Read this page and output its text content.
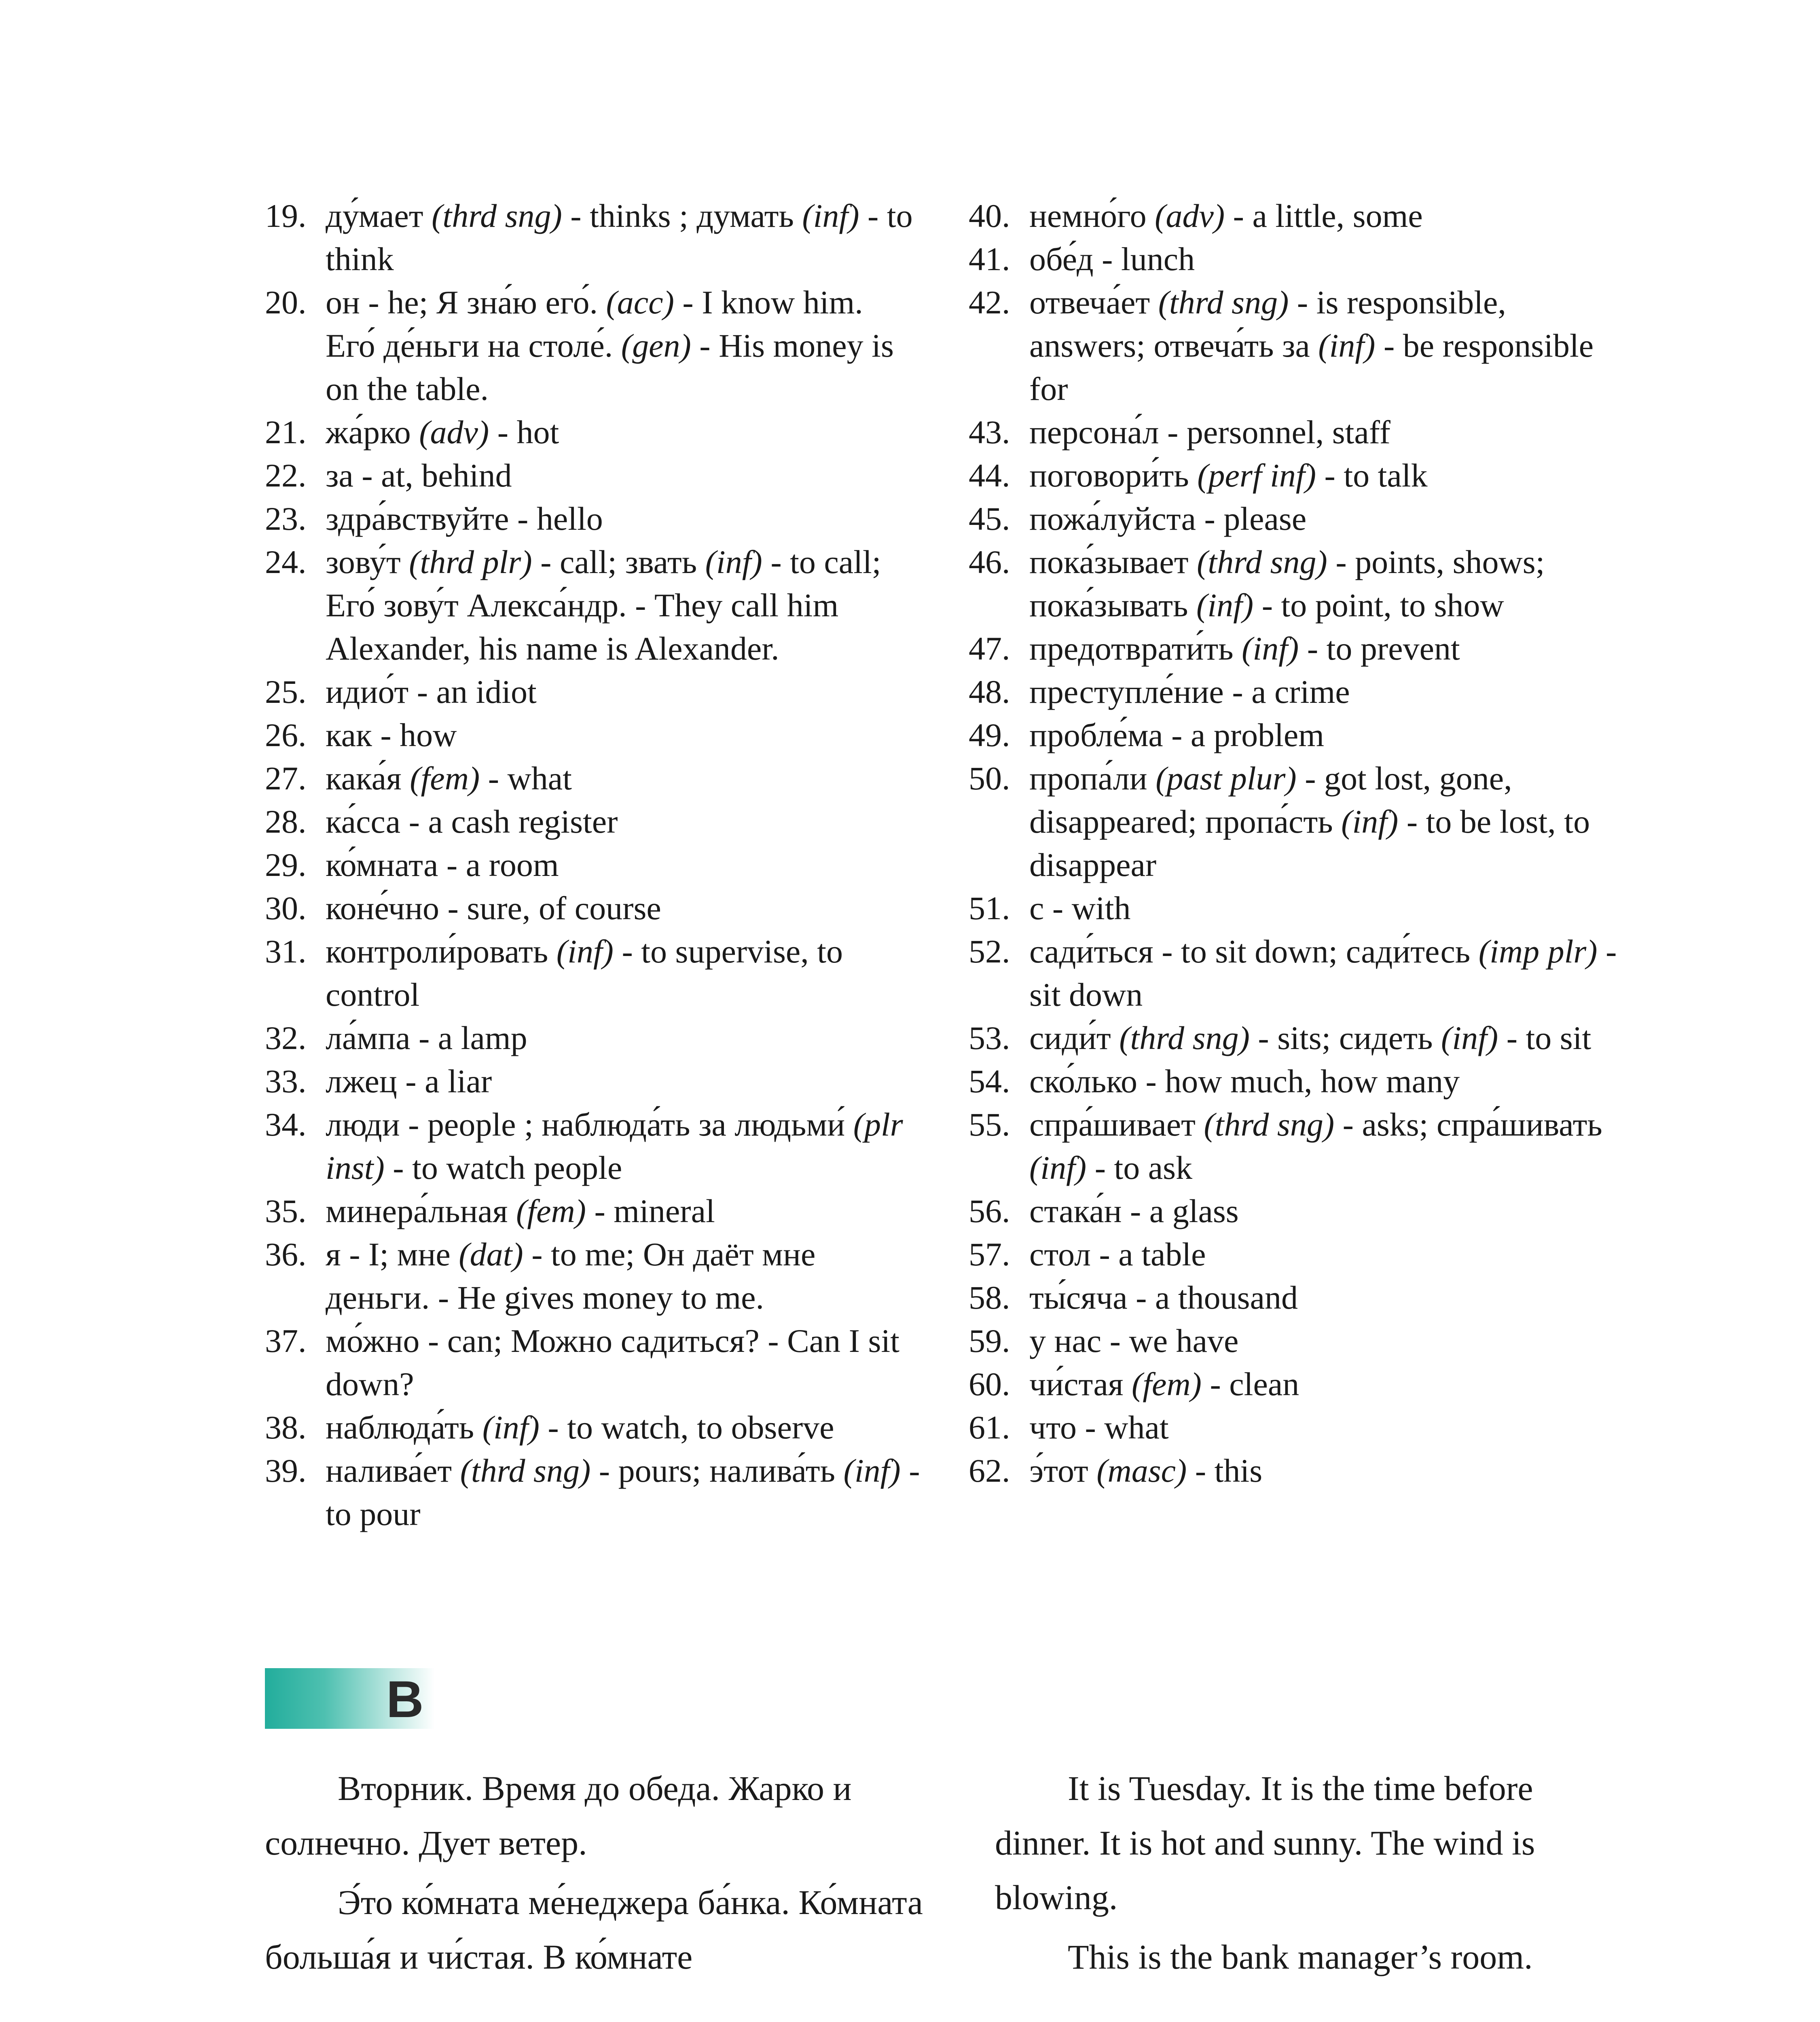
19. ду́мает (thrd sng) - thinks ; думать (inf) - to think
20. он - he; Я зна́ю его́. (acc) - I know him. Его́ де́ньги на столе́. (gen) - His money is on the table.
21. жа́рко (adv) - hot
22. за - at, behind
23. здра́вствуйте - hello
24. зову́т (thrd plr) - call; звать (inf) - to call; Его́ зову́т Алекса́ндр. - They call him Alexander, his name is Alexander.
25. идио́т - an idiot
26. как - how
27. кака́я (fem) - what
28. ка́сса - a cash register
29. ко́мната - a room
30. коне́чно - sure, of course
31. контроли́ровать (inf) - to supervise, to control
32. ла́мпа - a lamp
33. лжец - a liar
34. люди - people ; наблюда́ть за людьми́ (plr inst) - to watch people
35. минера́льная (fem) - mineral
36. я - I; мне (dat) - to me; Он даёт мне деньги. - He gives money to me.
37. мо́жно - can; Можно садиться? - Can I sit down?
38. наблюда́ть (inf) - to watch, to observe
39. налива́ет (thrd sng) - pours; налива́ть (inf) - to pour
40. немно́го (adv) - a little, some
41. обе́д - lunch
42. отвеча́ет (thrd sng) - is responsible, answers; отвеча́ть за (inf) - be responsible for
43. персона́л - personnel, staff
44. поговори́ть (perf inf) - to talk
45. пожа́луйста - please
46. пока́зывает (thrd sng) - points, shows; пока́зывать (inf) - to point, to show
47. предотврати́ть (inf) - to prevent
48. преступле́ние - a crime
49. пробле́ма - a problem
50. пропа́ли (past plur) - got lost, gone, disappeared; пропа́сть (inf) - to be lost, to disappear
51. с - with
52. сади́ться - to sit down; сади́тесь (imp plr) - sit down
53. сиди́т (thrd sng) - sits; сидеть (inf) - to sit
54. ско́лько - how much, how many
55. спра́шивает (thrd sng) - asks; спра́шивать (inf) - to ask
56. стака́н - a glass
57. стол - a table
58. ты́сяча - a thousand
59. у нас - we have
60. чи́стая (fem) - clean
61. что - what
62. э́тот (masc) - this
B

Вторник. Время до обеда. Жарко и солнечно. Дует ветер.

Э́то ко́мната ме́неджера ба́нка. Ко́мната больша́я и чи́стая. В ко́мнате

It is Tuesday. It is the time before dinner. It is hot and sunny. The wind is blowing.

This is the bank manager’s room.
